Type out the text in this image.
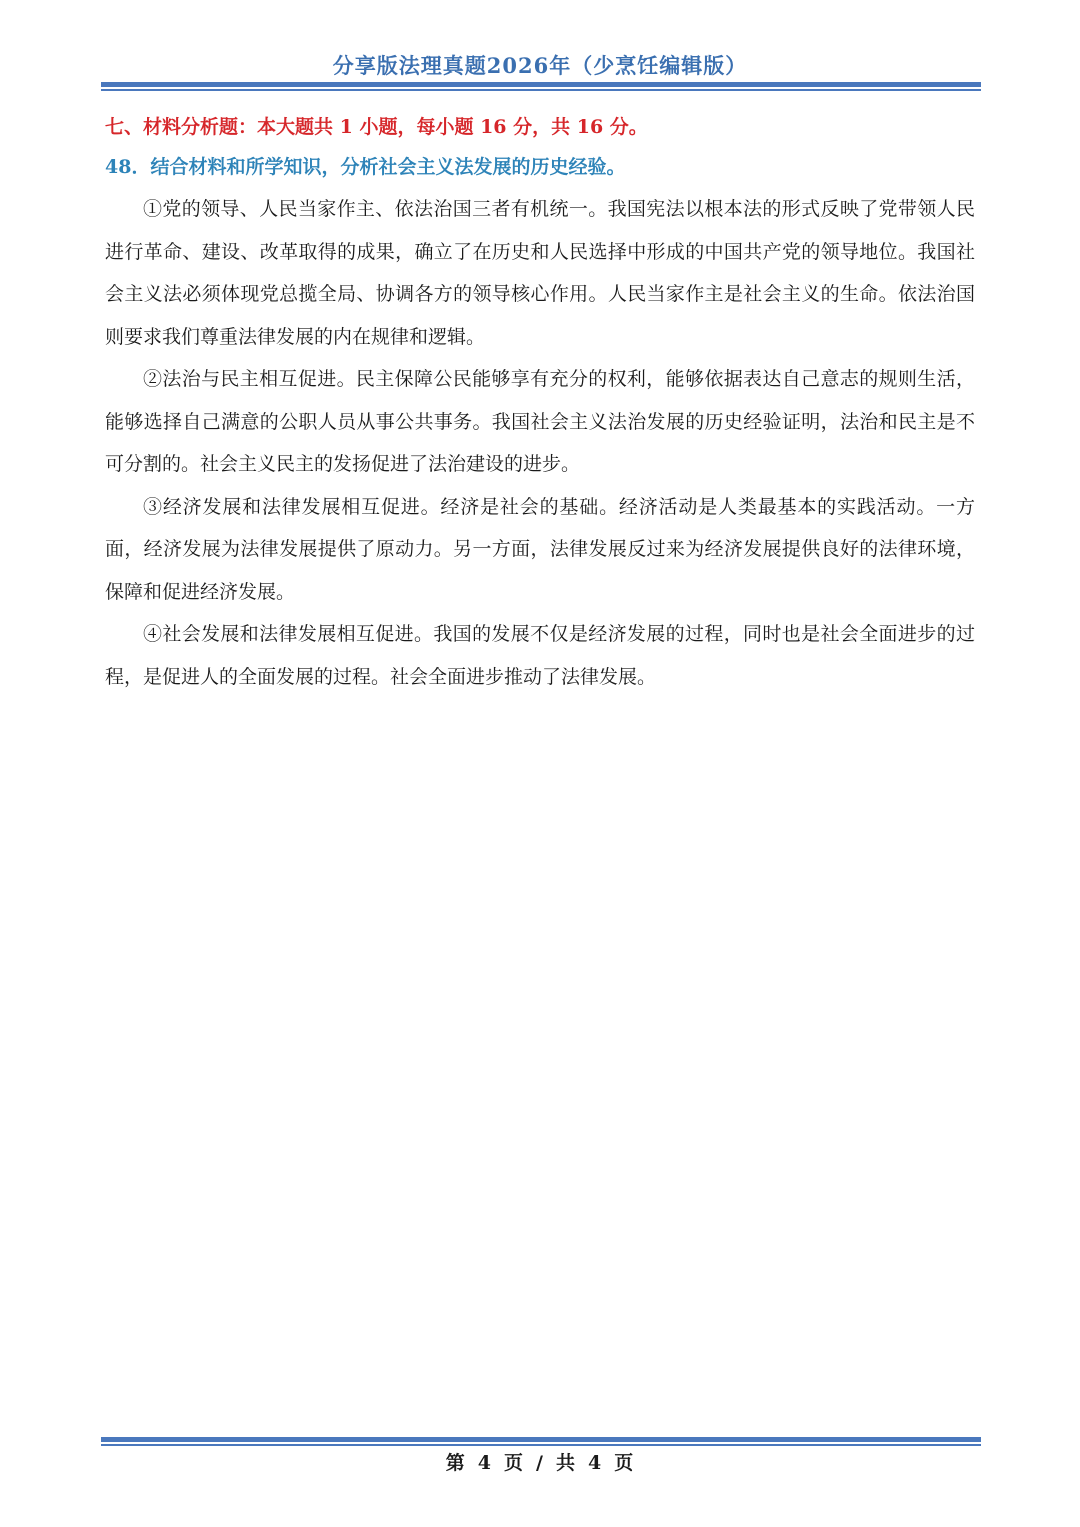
分享版法理真题2026年（少烹饪编辑版）
七、材料分析题：本大题共 1 小题，每小题 16 分，共 16 分。
48．结合材料和所学知识，分析社会主义法发展的历史经验。

①党的领导、人民当家作主、依法治国三者有机统一。我国宪法以根本法的形式反映了党带领人民进行革命、建设、改革取得的成果，确立了在历史和人民选择中形成的中国共产党的领导地位。我国社会主义法必须体现党总揽全局、协调各方的领导核心作用。人民当家作主是社会主义的生命。依法治国则要求我们尊重法律发展的内在规律和逻辑。

②法治与民主相互促进。民主保障公民能够享有充分的权利，能够依据表达自己意志的规则生活，能够选择自己满意的公职人员从事公共事务。我国社会主义法治发展的历史经验证明，法治和民主是不可分割的。社会主义民主的发扬促进了法治建设的进步。

③经济发展和法律发展相互促进。经济是社会的基础。经济活动是人类最基本的实践活动。一方面，经济发展为法律发展提供了原动力。另一方面，法律发展反过来为经济发展提供良好的法律环境，保障和促进经济发展。

④社会发展和法律发展相互促进。我国的发展不仅是经济发展的过程，同时也是社会全面进步的过程，是促进人的全面发展的过程。社会全面进步推动了法律发展。

第 4 页 / 共 4 页
